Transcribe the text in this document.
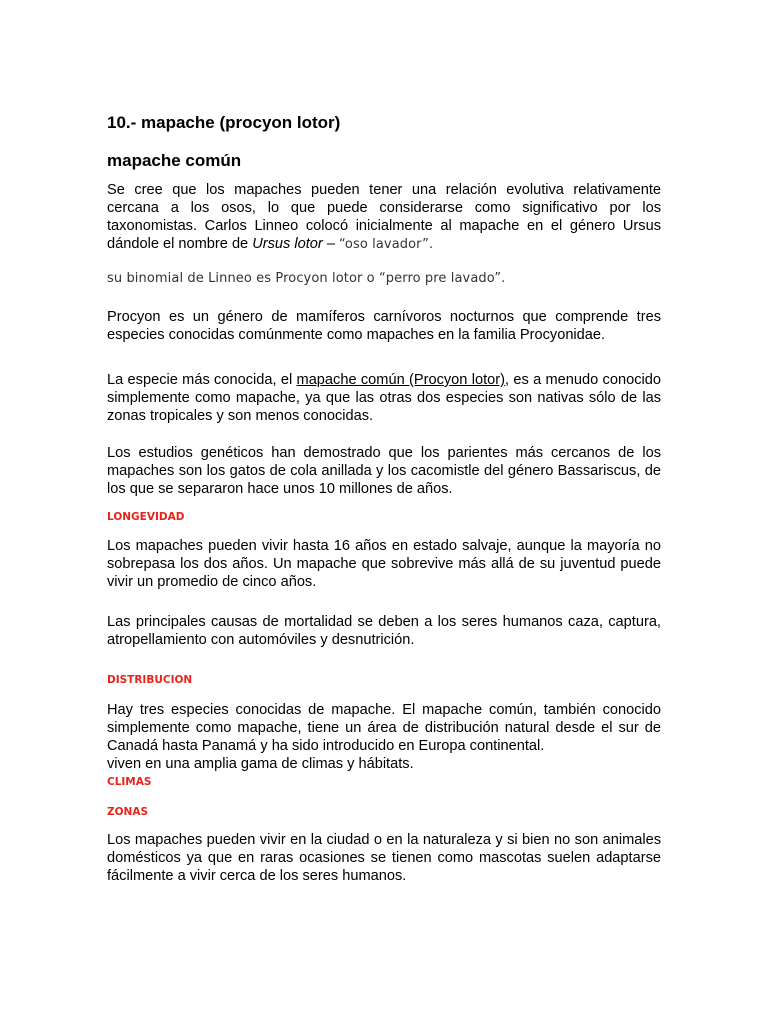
10.- mapache (procyon lotor)
mapache común

Se cree que los mapaches pueden tener una relación evolutiva relativamente cercana a los osos, lo que puede considerarse como significativo por los taxonomistas. Carlos Linneo colocó inicialmente al mapache en el género Ursus dándole el nombre de Ursus lotor – “oso lavador”.

su binomial de Linneo es Procyon lotor o “perro pre lavado”.

Procyon es un género de mamíferos carnívoros nocturnos que comprende tres especies conocidas comúnmente como mapaches en la familia Procyonidae.

La especie más conocida, el mapache común (Procyon lotor), es a menudo conocido simplemente como mapache, ya que las otras dos especies son nativas sólo de las zonas tropicales y son menos conocidas.

Los estudios genéticos han demostrado que los parientes más cercanos de los mapaches son los gatos de cola anillada y los cacomistle del género Bassariscus, de los que se separaron hace unos 10 millones de años.

LONGEVIDAD

Los mapaches pueden vivir hasta 16 años en estado salvaje, aunque la mayoría no sobrepasa los dos años. Un mapache que sobrevive más allá de su juventud puede vivir un promedio de cinco años.

Las principales causas de mortalidad se deben a los seres humanos caza, captura, atropellamiento con automóviles y desnutrición.

DISTRIBUCION

Hay tres especies conocidas de mapache. El mapache común, también conocido simplemente como mapache, tiene un área de distribución natural desde el sur de Canadá hasta Panamá y ha sido introducido en Europa continental.

viven en una amplia gama de climas y hábitats.

CLIMAS
ZONAS

Los mapaches pueden vivir en la ciudad o en la naturaleza y si bien no son animales domésticos ya que en raras ocasiones se tienen como mascotas suelen adaptarse fácilmente a vivir cerca de los seres humanos.
